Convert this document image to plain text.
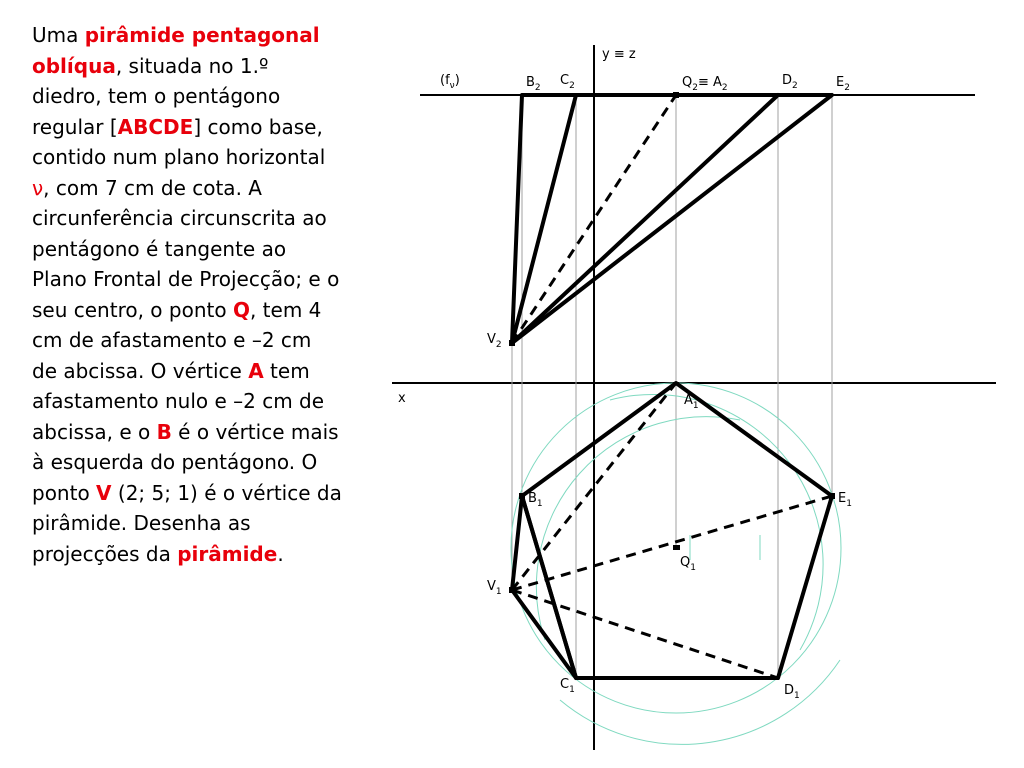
Uma pirâmide pentagonal oblíqua, situada no 1.º diedro, tem o pentágono regular [ABCDE] como base, contido num plano horizontal ν, com 7 cm de cota. A circunferência circunscrita ao pentágono é tangente ao Plano Frontal de Projecção; e o seu centro, o ponto Q, tem 4 cm de afastamento e –2 cm de abcissa. O vértice A tem afastamento nulo e –2 cm de abcissa, e o B é o vértice mais à esquerda do pentágono. O ponto V (2; 5; 1) é o vértice da pirâmide. Desenha as projecções da pirâmide.
y ≡ z
$(f_\nu)$
x
$B_2$ $C_2$	$Q_2\equiv A_2$	$D_2$	$E_2$
$V_2$
$A_1$
$B_1$	$E_1$
$Q_1$
$V_1$
$C_1$	$D_1$
